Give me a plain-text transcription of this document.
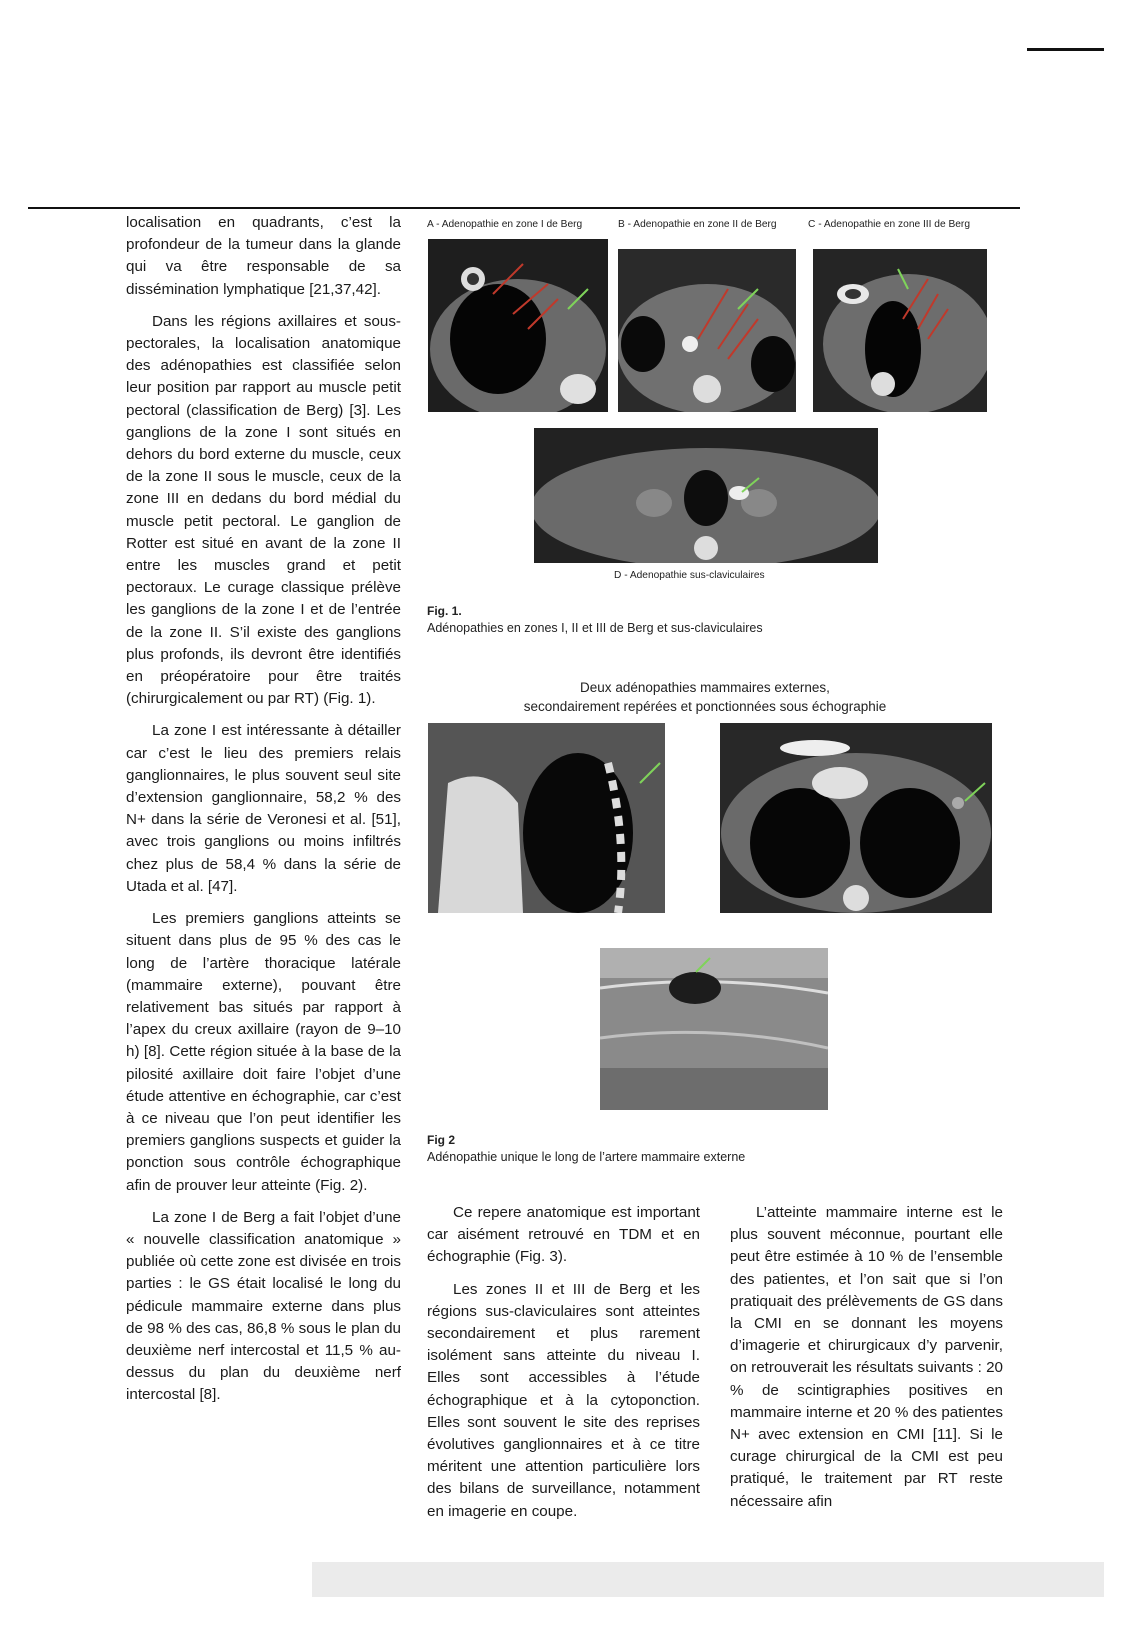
localisation en quadrants, c’est la profondeur de la tumeur dans la glande qui va être responsable de sa dissémination lymphatique [21,37,42].

Dans les régions axillaires et sous-pectorales, la localisation anatomique des adénopathies est classifiée selon leur position par rapport au muscle petit pectoral (classification de Berg) [3]. Les ganglions de la zone I sont situés en dehors du bord externe du muscle, ceux de la zone II sous le muscle, ceux de la zone III en dedans du bord médial du muscle petit pectoral. Le ganglion de Rotter est situé en avant de la zone II entre les muscles grand et petit pectoraux. Le curage classique prélève les ganglions de la zone I et de l’entrée de la zone II. S’il existe des ganglions plus profonds, ils devront être identifiés en préopératoire pour être traités (chirurgicalement ou par RT) (Fig. 1).

La zone I est intéressante à détailler car c’est le lieu des premiers relais ganglionnaires, le plus souvent seul site d’extension ganglionnaire, 58,2 % des N+ dans la série de Veronesi et al. [51], avec trois ganglions ou moins infiltrés chez plus de 58,4 % dans la série de Utada et al. [47].

Les premiers ganglions atteints se situent dans plus de 95 % des cas le long de l’artère thoracique latérale (mammaire externe), pouvant être relativement bas situés par rapport à l’apex du creux axillaire (rayon de 9–10 h) [8]. Cette région située à la base de la pilosité axillaire doit faire l’objet d’une étude attentive en échographie, car c’est à ce niveau que l’on peut identifier les premiers ganglions suspects et guider la ponction sous contrôle échographique afin de prouver leur atteinte (Fig. 2).

La zone I de Berg a fait l’objet d’une « nouvelle classification anatomique » publiée où cette zone est divisée en trois parties : le GS était localisé le long du pédicule mammaire externe dans plus de 98 % des cas, 86,8 % sous le plan du deuxième nerf intercostal et 11,5 % au-dessus du plan du deuxième nerf intercostal [8].

A - Adenopathie en zone I de Berg	B - Adenopathie en zone II de Berg	C - Adenopathie en zone III de Berg
D - Adenopathie sus-claviculaires
Fig. 1.
Adénopathies en zones I, II et III de Berg et sus-claviculaires
Deux adénopathies mammaires externes,
secondairement repérées et ponctionnées sous échographie
Fig 2
Adénopathie unique le long de l’artere mammaire externe

Ce repere anatomique est important car aisément retrouvé en TDM et en échographie (Fig. 3).

Les zones II et III de Berg et les régions sus-claviculaires sont atteintes secondairement et plus rarement isolément sans atteinte du niveau I. Elles sont accessibles à l’étude échographique et à la cytoponction. Elles sont souvent le site des reprises évolutives ganglionnaires et à ce titre méritent une attention particulière lors des bilans de surveillance, notamment en imagerie en coupe.

L’atteinte mammaire interne est le plus souvent méconnue, pourtant elle peut être estimée à 10 % de l’ensemble des patientes, et l’on sait que si l’on pratiquait des prélèvements de GS dans la CMI en se donnant les moyens d’imagerie et chirurgicaux d’y parvenir, on retrouverait les résultats suivants : 20 % de scintigraphies positives en mammaire interne et 20 % des patientes N+ avec extension en CMI [11]. Si le curage chirurgical de la CMI est peu pratiqué, le traitement par RT reste nécessaire afin
